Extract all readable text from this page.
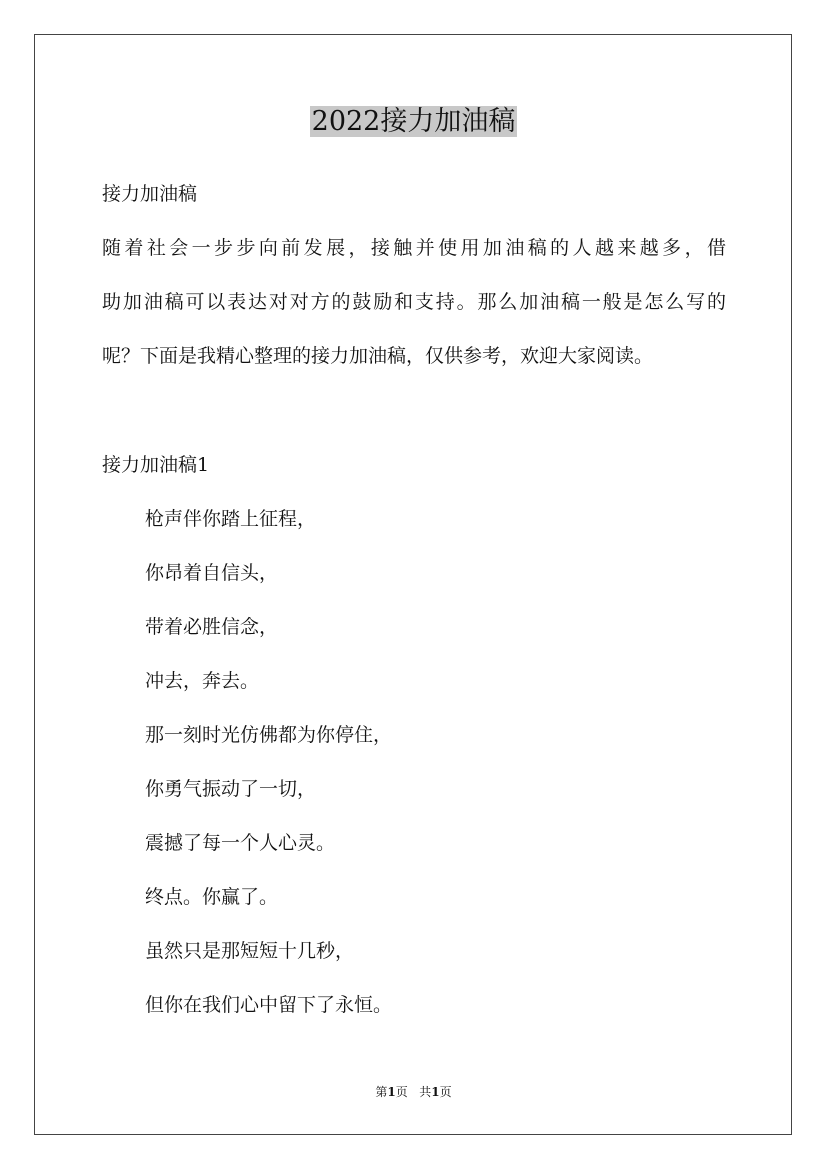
2022接力加油稿
接力加油稿
随着社会一步步向前发展，接触并使用加油稿的人越来越多，借
助加油稿可以表达对对方的鼓励和支持。那么加油稿一般是怎么写的
呢？下面是我精心整理的接力加油稿，仅供参考，欢迎大家阅读。
接力加油稿1
枪声伴你踏上征程，
你昂着自信头，
带着必胜信念，
冲去，奔去。
那一刻时光仿佛都为你停住，
你勇气振动了一切，
震撼了每一个人心灵。
终点。你赢了。
虽然只是那短短十几秒，
但你在我们心中留下了永恒。
第1页 共1页
